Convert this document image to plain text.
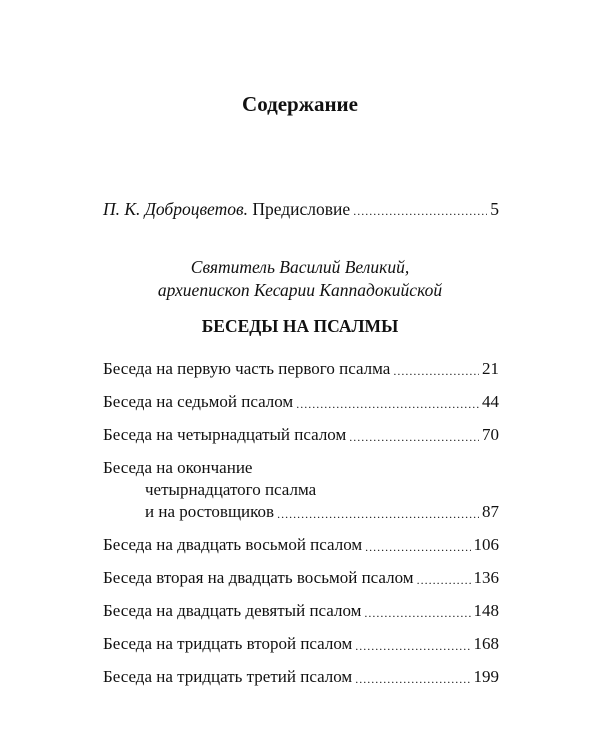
Содержание
П. К. Доброцветов. Предисловие .....	5
Святитель Василий Великий,
архиепископ Кесарии Каппадокийской
БЕСЕДЫ НА ПСАЛМЫ
Беседа на первую часть первого псалма .....	21
Беседа на седьмой псалом .....	44
Беседа на четырнадцатый псалом .....	70
Беседа на окончание
четырнадцатого псалма
и на ростовщиков .....	87
Беседа на двадцать восьмой псалом .....	106
Беседа вторая на двадцать восьмой псалом .....	136
Беседа на двадцать девятый псалом .....	148
Беседа на тридцать второй псалом .....	168
Беседа на тридцать третий псалом .....	199
